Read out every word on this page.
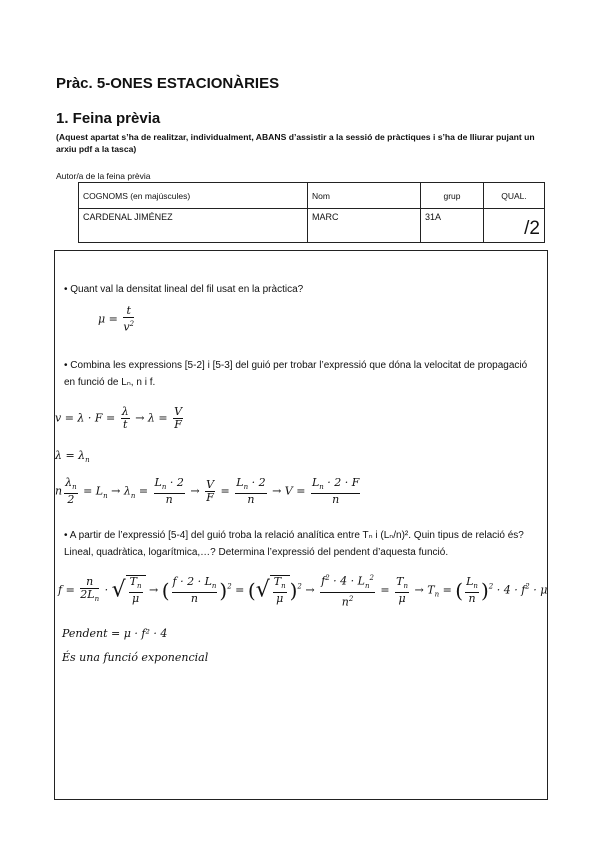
Pràc. 5-ONES ESTACIONÀRIES
1. Feina prèvia
(Aquest apartat s’ha de realitzar, individualment, ABANS d’assistir a la sessió de pràctiques i s’ha de lliurar pujant un arxiu pdf a la tasca)
Autor/a de la feina prèvia
COGNOMS (en majúscules)	Nom	grup	QUAL.
CARDENAL JIMÉNEZ	MARC	31A	/2
• Quant val la densitat lineal del fil usat en la pràctica?
$\mu = \frac{t}{v^2}$
• Combina les expressions [5-2] i [5-3] del guió per trobar l’expressió que dóna la velocitat de propagació en funció de Lₙ, n i f.
$v = \lambda \cdot F = \frac{\lambda}{t} \to \lambda = \frac{V}{F}$
$\lambda = \lambda_n$
n $\frac{\lambda_n}{2} = L_n \to \lambda_n = \frac{L_n \cdot 2}{n} \to \frac{V}{F} = \frac{L_n \cdot 2}{n} \to V = \frac{L_n \cdot 2 \cdot F}{n}$
• A partir de l’expressió [5-4] del guió troba la relació analítica entre Tₙ i (Lₙ/n)². Quin tipus de relació és? Lineal, quadràtica, logarítmica,…? Determina l’expressió del pendent d’aquesta funció.
$f = \frac{n}{2L_n}$ · √ $\frac{T_n}{\mu}$ → ( $\frac{f \cdot 2 \cdot L_n}{n} )^2$ = (√ $\frac{T_n}{\mu} )^2 \to \frac{f^2 \cdot 4 \cdot L_n^2}{n^2} = \frac{T_n}{\mu} \to T_n$ = ( $\frac{L_n}{n} )^2 \cdot 4 \cdot f^2 \cdot \mu$
Pendent = μ · f² · 4
És una funció exponencial
